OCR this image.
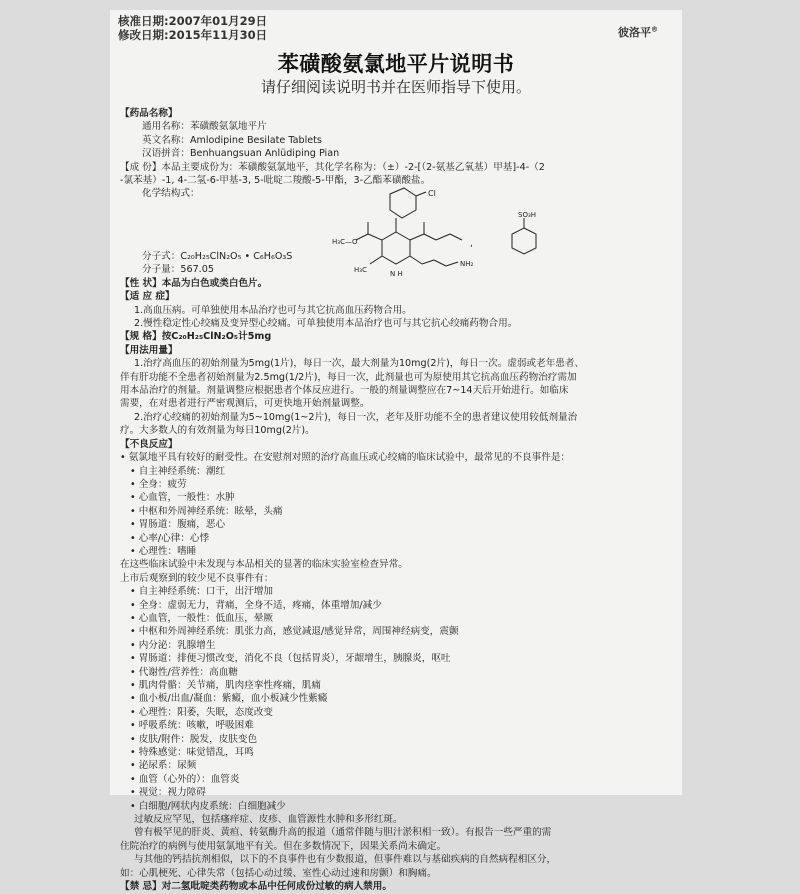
核准日期:2007年01月29日
修改日期:2015年11月30日	彼洛平®
苯磺酸氨氯地平片说明书
请仔细阅读说明书并在医师指导下使用。
【药品名称】
通用名称：苯磺酸氨氯地平片
英文名称：Amlodipine Besilate Tablets
汉语拼音：Benhuangsuan Anlüdiping Pian
【成 份】本品主要成份为：苯磺酸氨氯地平，其化学名称为：（±）-2-[（2-氨基乙氧基）甲基]-4-（2
-氯苯基）-1, 4-二氢-6-甲基-3, 5-吡啶二羧酸-5-甲酯，3-乙酯苯磺酸盐。
化学结构式：	Cl
H₃C—O
NH₂
H₃C	N H
,
SO₃H
分子式：C₂₀H₂₅ClN₂O₅ • C₆H₆O₃S
分子量：567.05
【性 状】本品为白色或类白色片。
【适 应 症】
1.高血压病。可单独使用本品治疗也可与其它抗高血压药物合用。
2.慢性稳定性心绞痛及变异型心绞痛。可单独使用本品治疗也可与其它抗心绞痛药物合用。
【规 格】按C₂₀H₂₅ClN₂O₅计5mg
【用法用量】
1.治疗高血压的初始剂量为5mg(1片)，每日一次，最大剂量为10mg(2片)，每日一次。虚弱或老年患者、
伴有肝功能不全患者初始剂量为2.5mg(1/2片)，每日一次，此剂量也可为原使用其它抗高血压药物治疗需加
用本品治疗的剂量。剂量调整应根据患者个体反应进行。一般的剂量调整应在7~14天后开始进行。如临床
需要，在对患者进行严密观测后，可更快地开始剂量调整。
2.治疗心绞痛的初始剂量为5~10mg(1~2片)，每日一次，老年及肝功能不全的患者建议使用较低剂量治
疗。大多数人的有效剂量为每日10mg(2片)。
【不良反应】
• 氨氯地平具有较好的耐受性。在安慰剂对照的治疗高血压或心绞痛的临床试验中，最常见的不良事件是：
• 自主神经系统：潮红
• 全身：疲劳
• 心血管，一般性：水肿
• 中枢和外周神经系统：眩晕，头痛
• 胃肠道：腹痛，恶心
• 心率/心律：心悸
• 心理性：嗜睡
在这些临床试验中未发现与本品相关的显著的临床实验室检查异常。
上市后观察到的较少见不良事件有：
• 自主神经系统：口干，出汗增加
• 全身：虚弱无力，背痛，全身不适，疼痛，体重增加/减少
• 心血管，一般性：低血压，晕厥
• 中枢和外周神经系统：肌张力高，感觉减退/感觉异常，周围神经病变，震颤
• 内分泌：乳腺增生
• 胃肠道：排便习惯改变，消化不良（包括胃炎），牙龈增生，胰腺炎，呕吐
• 代谢性/营养性：高血糖
• 肌肉骨骼：关节痛，肌肉痉挛性疼痛，肌痛
• 血小板/出血/凝血：紫癜，血小板减少性紫癜
• 心理性：阳萎，失眠，态度改变
• 呼吸系统：咳嗽，呼吸困难
• 皮肤/附件：脱发，皮肤变色
• 特殊感觉：味觉错乱，耳鸣
• 泌尿系：尿频
• 血管（心外的）：血管炎
• 视觉：视力障碍
• 白细胞/网状内皮系统：白细胞减少
过敏反应罕见，包括瘙痒症、皮疹、血管源性水肿和多形红斑。
曾有极罕见的肝炎、黄疸、转氨酶升高的报道（通常伴随与胆汁淤积相一致）。有报告一些严重的需
住院治疗的病例与使用氨氯地平有关。但在多数情况下，因果关系尚未确定。
与其他的钙拮抗剂相似，以下的不良事件也有少数报道，但事件难以与基础疾病的自然病程相区分，
如：心肌梗死、心律失常（包括心动过缓、室性心动过速和房颤）和胸痛。
【禁 忌】对二氢吡啶类药物或本品中任何成份过敏的病人禁用。
